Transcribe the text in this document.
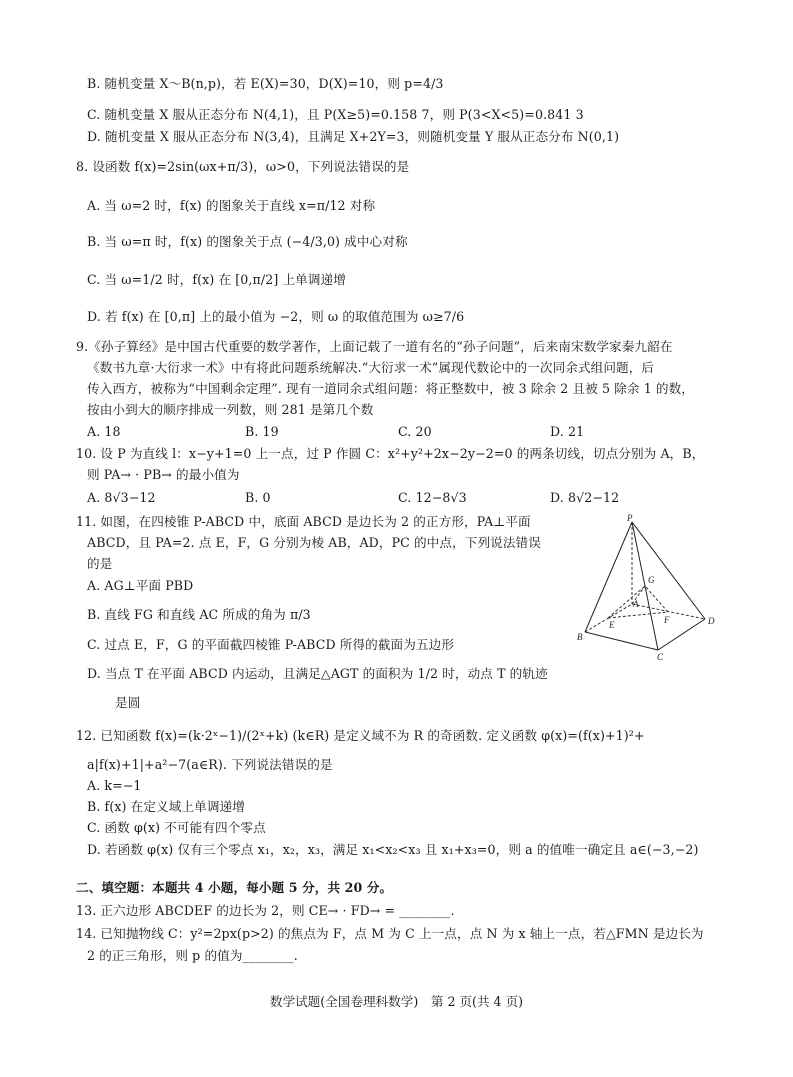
B. 随机变量 X～B(n,p)，若 E(X)=30，D(X)=10，则 p=4/3
C. 随机变量 X 服从正态分布 N(4,1)，且 P(X≥5)=0.158 7，则 P(3<X<5)=0.841 3
D. 随机变量 X 服从正态分布 N(3,4)，且满足 X+2Y=3，则随机变量 Y 服从正态分布 N(0,1)
8. 设函数 f(x)=2sin(ωx+π/3)，ω>0，下列说法错误的是
A. 当 ω=2 时，f(x) 的图象关于直线 x=π/12 对称
B. 当 ω=π 时，f(x) 的图象关于点 (−4/3,0) 成中心对称
C. 当 ω=1/2 时，f(x) 在 [0,π/2] 上单调递增
D. 若 f(x) 在 [0,π] 上的最小值为 −2，则 ω 的取值范围为 ω≥7/6
9.《孙子算经》是中国古代重要的数学著作，上面记载了一道有名的“孙子问题”，后来南宋数学家秦九韶在
《数书九章·大衍求一术》中有将此问题系统解决.“大衍求一术”属现代数论中的一次同余式组问题，后
传入西方，被称为“中国剩余定理”. 现有一道同余式组问题：将正整数中，被 3 除余 2 且被 5 除余 1 的数，
按由小到大的顺序排成一列数，则 281 是第几个数
A. 18	B. 19	C. 20	D. 21
10. 设 P 为直线 l：x−y+1=0 上一点，过 P 作圆 C：x²+y²+2x−2y−2=0 的两条切线，切点分别为 A，B，
则 PA→ · PB→ 的最小值为
A. 8√3−12	B. 0	C. 12−8√3	D. 8√2−12
11. 如图，在四棱锥 P-ABCD 中，底面 ABCD 是边长为 2 的正方形，PA⊥平面
ABCD，且 PA=2. 点 E，F，G 分别为棱 AB，AD，PC 的中点，下列说法错误
的是
A. AG⊥平面 PBD
B. 直线 FG 和直线 AC 所成的角为 π/3
C. 过点 E，F，G 的平面截四棱锥 P-ABCD 所得的截面为五边形
D. 当点 T 在平面 ABCD 内运动，且满足△AGT 的面积为 1/2 时，动点 T 的轨迹
是圆
P
G
A
E	F
B
D
C
12. 已知函数 f(x)=(k·2ˣ−1)/(2ˣ+k) (k∈R) 是定义域不为 R 的奇函数. 定义函数 φ(x)=(f(x)+1)²+
a|f(x)+1|+a²−7(a∈R). 下列说法错误的是
A. k=−1
B. f(x) 在定义域上单调递增
C. 函数 φ(x) 不可能有四个零点
D. 若函数 φ(x) 仅有三个零点 x₁，x₂，x₃，满足 x₁<x₂<x₃ 且 x₁+x₃=0，则 a 的值唯一确定且 a∈(−3,−2)
二、填空题：本题共 4 小题，每小题 5 分，共 20 分。
13. 正六边形 ABCDEF 的边长为 2，则 CE→ · FD→ = ________.
14. 已知抛物线 C：y²=2px(p>2) 的焦点为 F，点 M 为 C 上一点，点 N 为 x 轴上一点，若△FMN 是边长为
2 的正三角形，则 p 的值为________.
数学试题(全国卷理科数学)　第 2 页(共 4 页)
